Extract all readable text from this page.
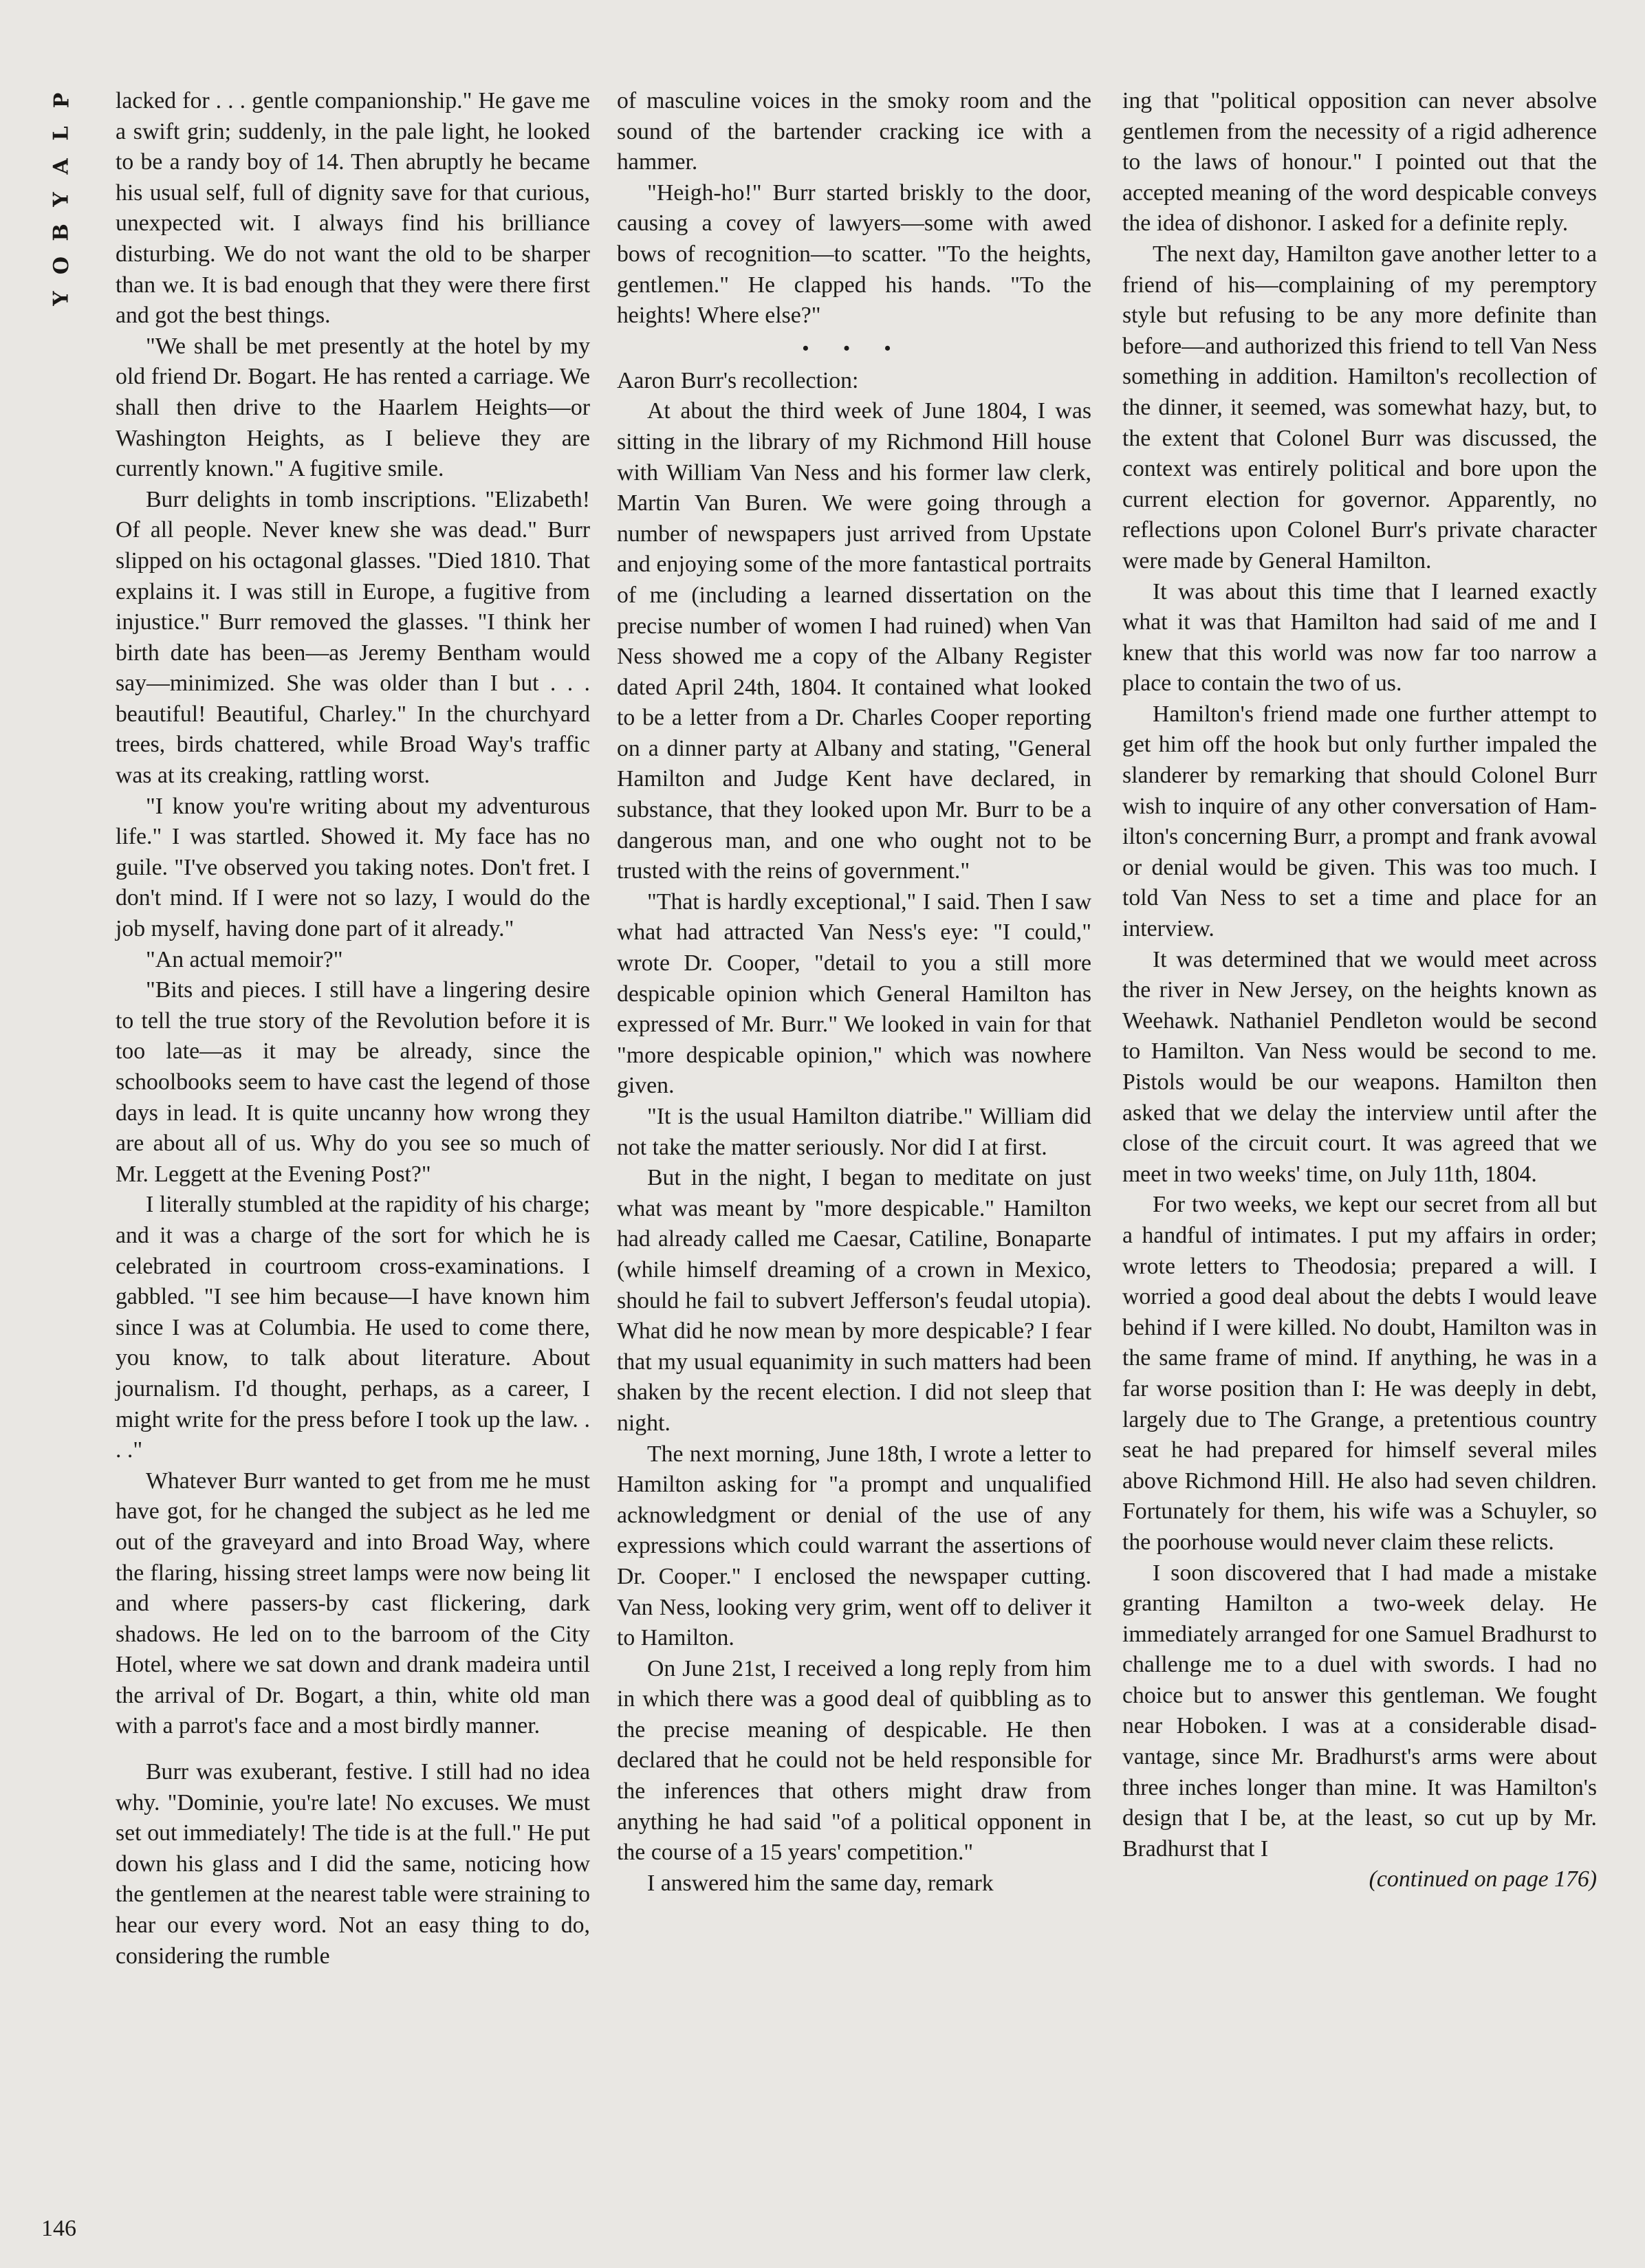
P
L
A
Y
B
O
Y

lacked for . . . gentle companionship." He gave me a swift grin; suddenly, in the pale light, he looked to be a randy boy of 14. Then abruptly he became his usual self, full of dignity save for that curious, unexpected wit. I always find his brilliance disturbing. We do not want the old to be sharper than we. It is bad enough that they were there first and got the best things.

"We shall be met presently at the hotel by my old friend Dr. Bogart. He has rented a carriage. We shall then drive to the Haarlem Heights—or Washington Heights, as I believe they are currently known." A fugitive smile.

Burr delights in tomb inscriptions. "Elizabeth! Of all people. Never knew she was dead." Burr slipped on his octagonal glasses. "Died 1810. That explains it. I was still in Europe, a fugitive from injustice." Burr removed the glasses. "I think her birth date has been—as Jeremy Bentham would say—minimized. She was older than I but . . . beautiful! Beautiful, Charley." In the churchyard trees, birds chattered, while Broad Way's traffic was at its creaking, rattling worst.

"I know you're writing about my adventurous life." I was startled. Showed it. My face has no guile. "I've observed you taking notes. Don't fret. I don't mind. If I were not so lazy, I would do the job myself, having done part of it already."

"An actual memoir?"

"Bits and pieces. I still have a lingering desire to tell the true story of the Revolution before it is too late—as it may be already, since the schoolbooks seem to have cast the legend of those days in lead. It is quite uncanny how wrong they are about all of us. Why do you see so much of Mr. Leggett at the Evening Post?"

I literally stumbled at the rapidity of his charge; and it was a charge of the sort for which he is celebrated in courtroom cross-examinations. I gabbled. "I see him because—I have known him since I was at Columbia. He used to come there, you know, to talk about literature. About journalism. I'd thought, perhaps, as a career, I might write for the press before I took up the law. . . ."

Whatever Burr wanted to get from me he must have got, for he changed the subject as he led me out of the graveyard and into Broad Way, where the flaring, hissing street lamps were now being lit and where passers-by cast flickering, dark shadows. He led on to the barroom of the City Hotel, where we sat down and drank madeira until the arrival of Dr. Bogart, a thin, white old man with a parrot's face and a most birdly manner.

Burr was exuberant, festive. I still had no idea why. "Dominie, you're late! No excuses. We must set out immediately! The tide is at the full." He put down his glass and I did the same, noticing how the gentlemen at the nearest table were straining to hear our every word. Not an easy thing to do, considering the rumble

of masculine voices in the smoky room and the sound of the bartender cracking ice with a hammer.

"Heigh-ho!" Burr started briskly to the door, causing a covey of lawyers—some with awed bows of recognition—to scatter. "To the heights, gentlemen." He clapped his hands. "To the heights! Where else?"

• • •

Aaron Burr's recollection:

At about the third week of June 1804, I was sitting in the library of my Richmond Hill house with William Van Ness and his former law clerk, Martin Van Buren. We were going through a number of newspapers just arrived from Upstate and enjoying some of the more fantastical portraits of me (including a learned dissertation on the precise number of women I had ruined) when Van Ness showed me a copy of the Albany Register dated April 24th, 1804. It contained what looked to be a letter from a Dr. Charles Cooper reporting on a dinner party at Albany and stating, "General Hamilton and Judge Kent have declared, in substance, that they looked upon Mr. Burr to be a dangerous man, and one who ought not to be trusted with the reins of government."

"That is hardly exceptional," I said. Then I saw what had attracted Van Ness's eye: "I could," wrote Dr. Cooper, "detail to you a still more despicable opinion which General Hamilton has expressed of Mr. Burr." We looked in vain for that "more despicable opinion," which was nowhere given.

"It is the usual Hamilton diatribe." William did not take the matter seriously. Nor did I at first.

But in the night, I began to meditate on just what was meant by "more despicable." Hamilton had already called me Caesar, Catiline, Bonaparte (while himself dreaming of a crown in Mexico, should he fail to subvert Jefferson's feudal utopia). What did he now mean by more despicable? I fear that my usual equanimity in such matters had been shaken by the recent election. I did not sleep that night.

The next morning, June 18th, I wrote a letter to Hamilton asking for "a prompt and unqualified acknowledgment or denial of the use of any expressions which could warrant the assertions of Dr. Cooper." I enclosed the newspaper cutting. Van Ness, looking very grim, went off to deliver it to Hamilton.

On June 21st, I received a long reply from him in which there was a good deal of quibbling as to the precise meaning of despicable. He then declared that he could not be held responsible for the inferences that others might draw from anything he had said "of a political opponent in the course of a 15 years' competition."

I answered him the same day, remark

ing that "political opposition can never absolve gentlemen from the necessity of a rigid adherence to the laws of honour." I pointed out that the accepted meaning of the word despicable conveys the idea of dishonor. I asked for a definite reply.

The next day, Hamilton gave another letter to a friend of his—complaining of my peremptory style but refusing to be any more definite than before—and authorized this friend to tell Van Ness something in addition. Hamilton's recollection of the dinner, it seemed, was somewhat hazy, but, to the extent that Colonel Burr was discussed, the context was entirely political and bore upon the current election for governor. Apparently, no reflections upon Colonel Burr's private character were made by General Hamilton.

It was about this time that I learned exactly what it was that Hamilton had said of me and I knew that this world was now far too narrow a place to contain the two of us.

Hamilton's friend made one further attempt to get him off the hook but only further impaled the slanderer by remarking that should Colonel Burr wish to inquire of any other conversation of Hamilton's concerning Burr, a prompt and frank avowal or denial would be given. This was too much. I told Van Ness to set a time and place for an interview.

It was determined that we would meet across the river in New Jersey, on the heights known as Weehawk. Nathaniel Pendleton would be second to Hamilton. Van Ness would be second to me. Pistols would be our weapons. Hamilton then asked that we delay the interview until after the close of the circuit court. It was agreed that we meet in two weeks' time, on July 11th, 1804.

For two weeks, we kept our secret from all but a handful of intimates. I put my affairs in order; wrote letters to Theodosia; prepared a will. I worried a good deal about the debts I would leave behind if I were killed. No doubt, Hamilton was in the same frame of mind. If anything, he was in a far worse position than I: He was deeply in debt, largely due to The Grange, a pretentious country seat he had prepared for himself several miles above Richmond Hill. He also had seven children. Fortunately for them, his wife was a Schuyler, so the poorhouse would never claim these relicts.

I soon discovered that I had made a mistake granting Hamilton a two-week delay. He immediately arranged for one Samuel Bradhurst to challenge me to a duel with swords. I had no choice but to answer this gentleman. We fought near Hoboken. I was at a considerable disadvantage, since Mr. Bradhurst's arms were about three inches longer than mine. It was Hamilton's design that I be, at the least, so cut up by Mr. Bradhurst that I

(continued on page 176)

146
